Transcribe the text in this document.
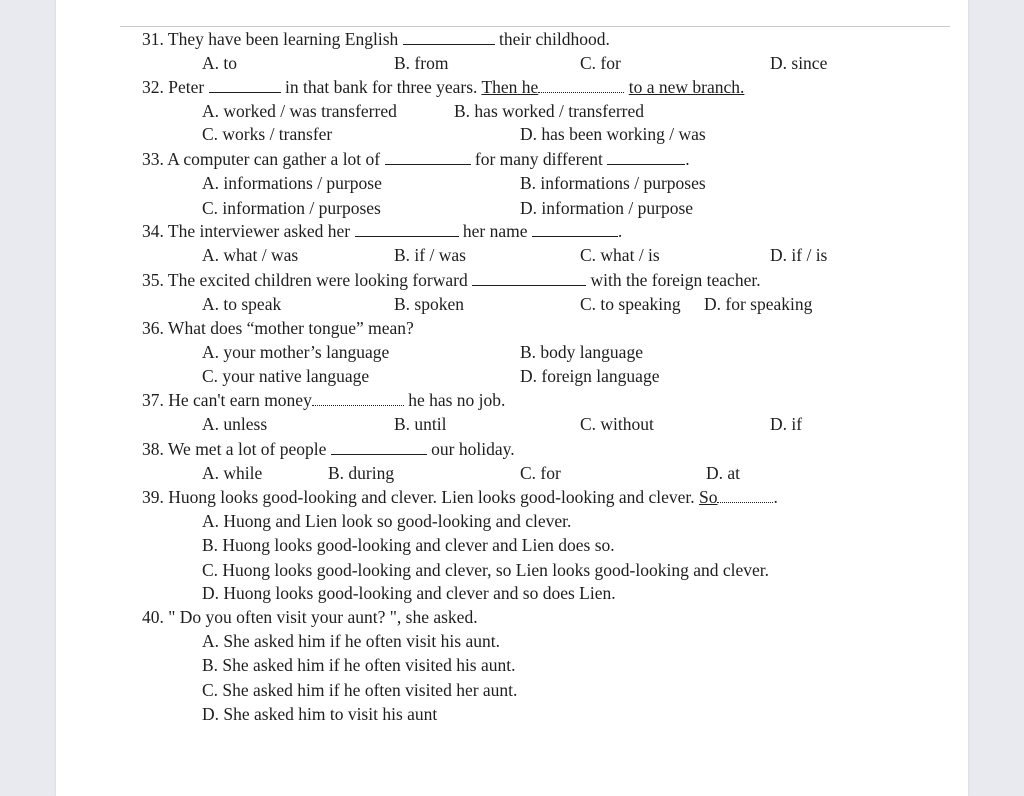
31. They have been learning English	their childhood.
A. to	B. from	C. for	D. since
32. Peter	in that bank for three years. Then he	to a new branch.
A. worked / was transferred	B. has worked / transferred
C. works / transfer	D. has been working / was
33. A computer can gather a lot of	for many different	.
A. informations / purpose	B. informations / purposes
C. information / purposes	D. information / purpose
34. The interviewer asked her	her name	.
A. what / was	B. if / was	C. what / is	D. if / is
35. The excited children were looking forward	with the foreign teacher.
A. to speak	B. spoken	C. to speaking D. for speaking
36. What does “mother tongue” mean?
A. your mother’s language	B. body language
C. your native language	D. foreign language
37. He can't earn money	he has no job.
A. unless	B. until	C. without	D. if
38. We met a lot of people	our holiday.
A. while	B. during	C. for	D. at
39. Huong looks good-looking and clever. Lien looks good-looking and clever. So	.
A. Huong and Lien look so good-looking and clever.
B. Huong looks good-looking and clever and Lien does so.
C. Huong looks good-looking and clever, so Lien looks good-looking and clever.
D. Huong looks good-looking and clever and so does Lien.
40. " Do you often visit your aunt? ", she asked.
A. She asked him if he often visit his aunt.
B. She asked him if he often visited his aunt.
C. She asked him if he often visited her aunt.
D. She asked him to visit his aunt
